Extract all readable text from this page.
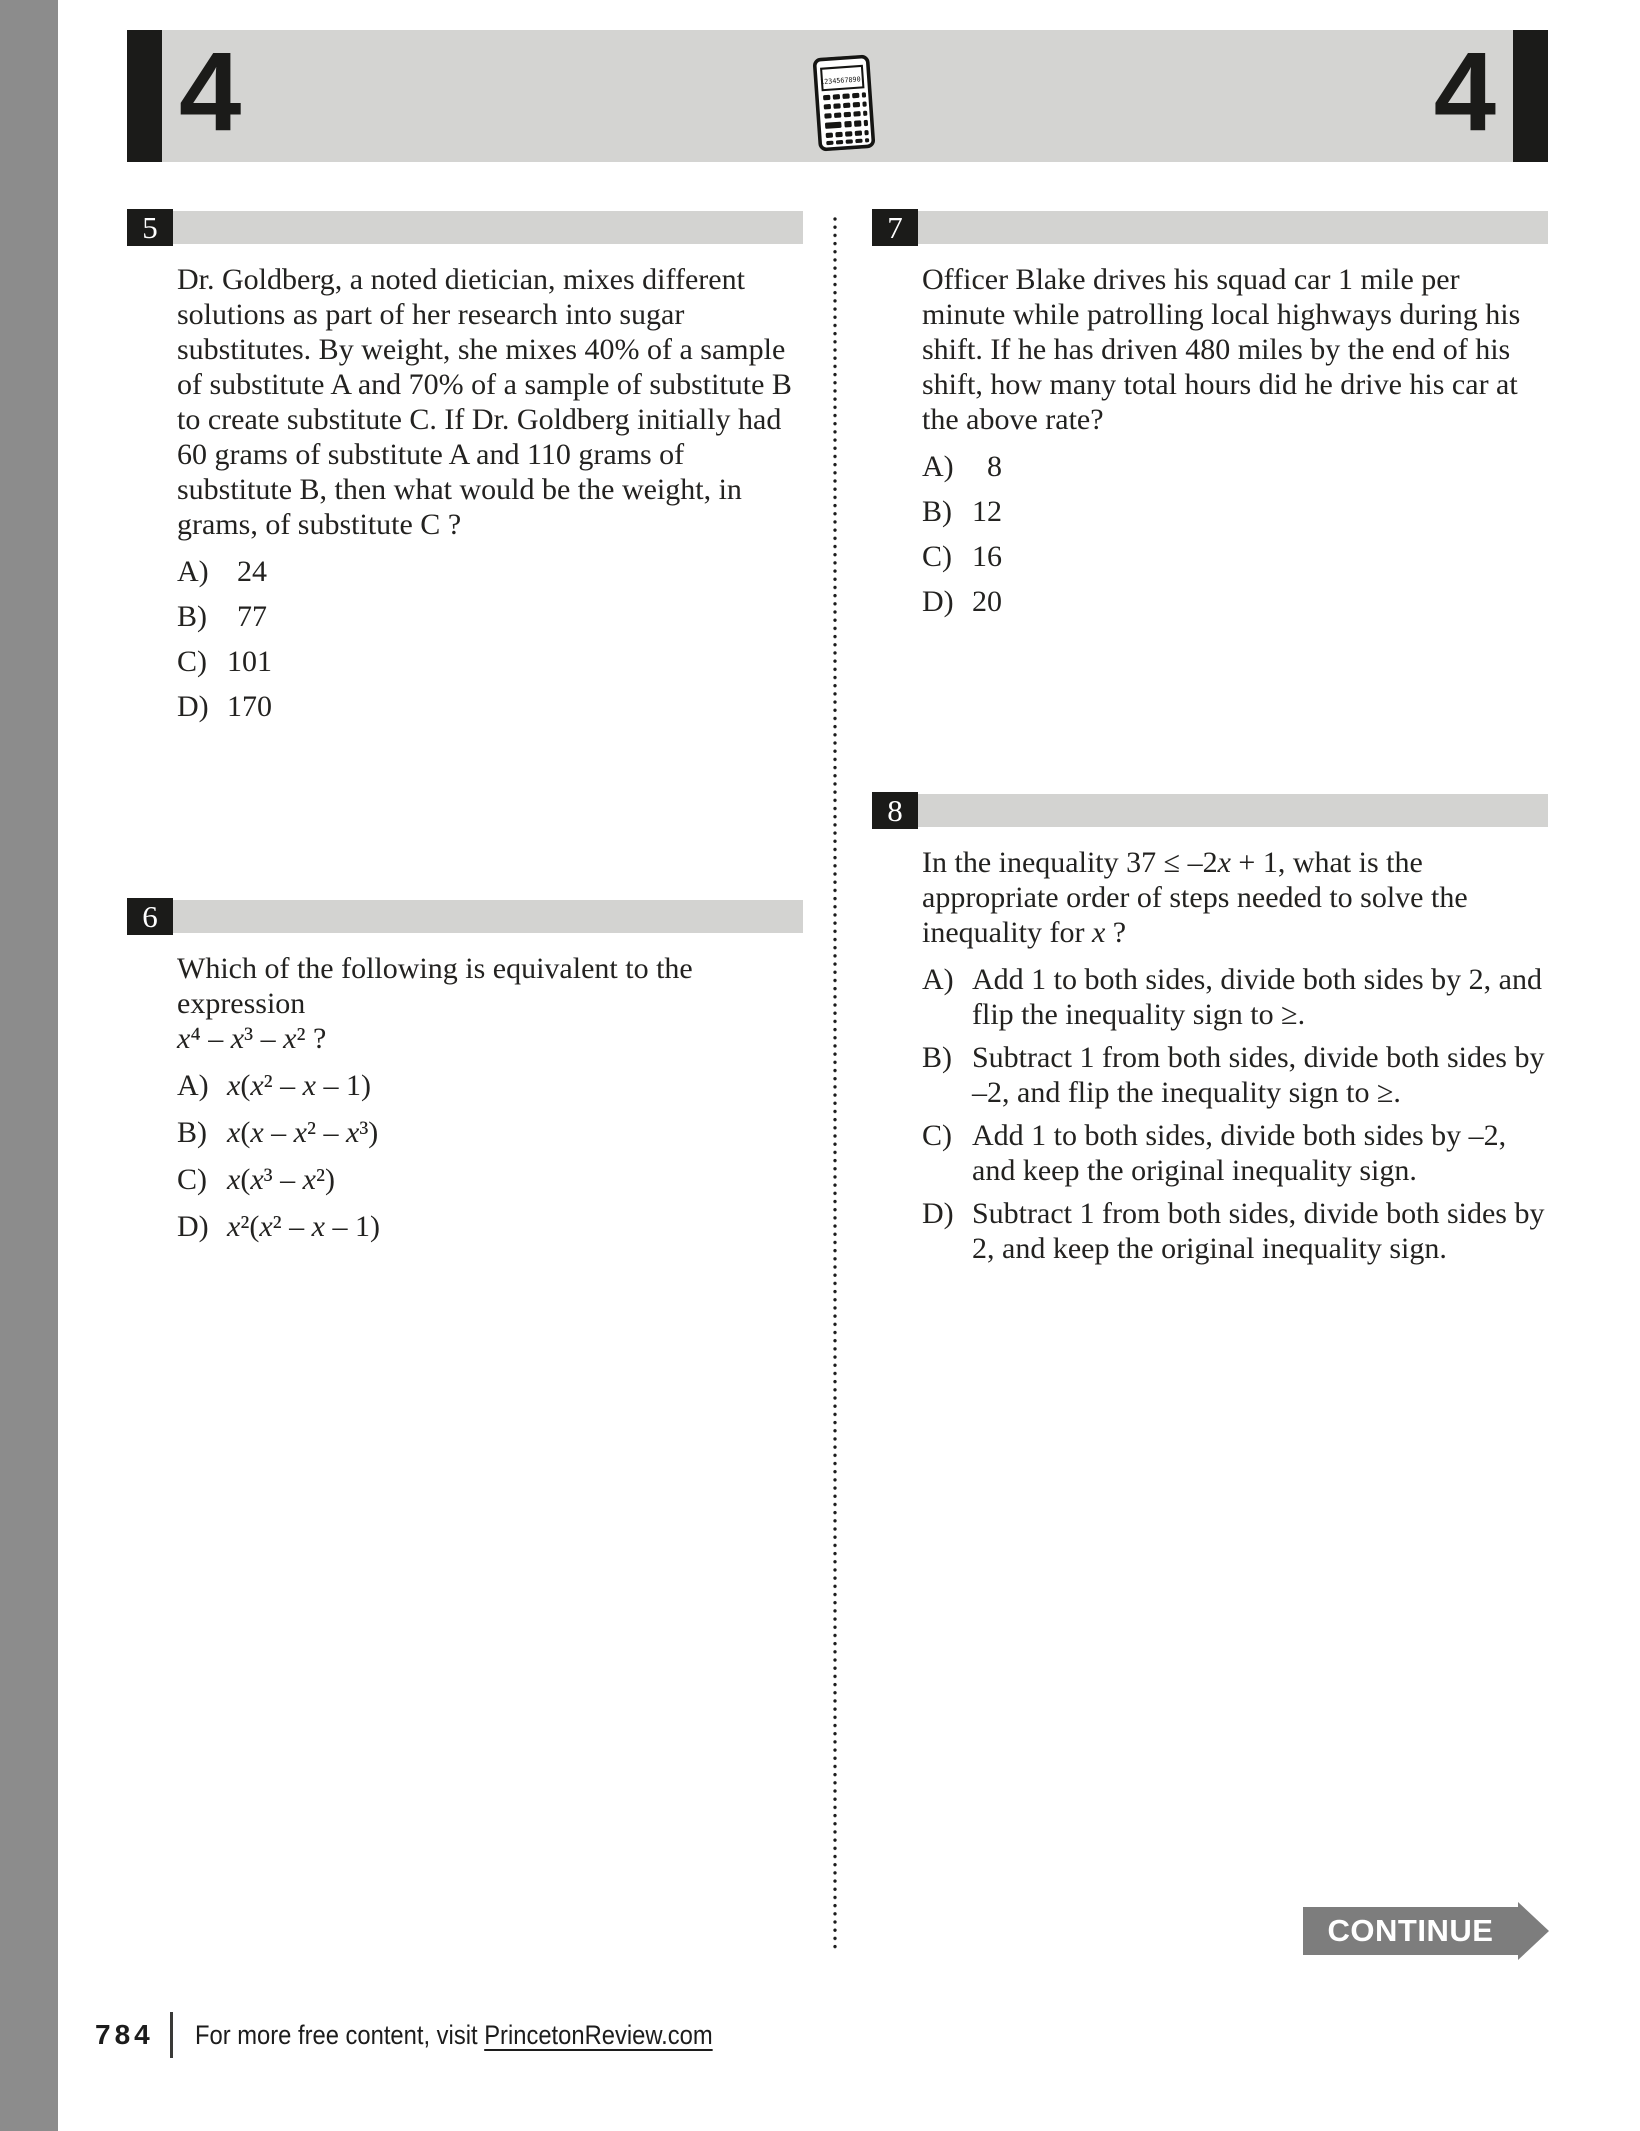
4	1234567890.	4
5

Dr. Goldberg, a noted dietician, mixes different solutions as part of her research into sugar substitutes. By weight, she mixes 40% of a sample of substitute A and 70% of a sample of substitute B to create substitute C. If Dr. Goldberg initially had 60 grams of substitute A and 110 grams of substitute B, then what would be the weight, in grams, of substitute C ?

A) 24
B)	77
C) 101
D) 170
6

Which of the following is equivalent to the expression

x⁴ – x³ – x² ?

A) x(x² – x – 1)
B) x(x – x² – x³)
C) x(x³ – x²)
D) x²(x² – x – 1)
7

Officer Blake drives his squad car 1 mile per minute while patrolling local highways during his shift. If he has driven 480 miles by the end of his shift, how many total hours did he drive his car at the above rate?

A)	8
B) 12
C) 16
D) 20
8

In the inequality 37 ≤ –2x + 1, what is the appropriate order of steps needed to solve the inequality for x ?

A) Add 1 to both sides, divide both sides by 2, and flip the inequality sign to ≥.
B) Subtract 1 from both sides, divide both sides by –2, and flip the inequality sign to ≥.
C) Add 1 to both sides, divide both sides by –2, and keep the original inequality sign.
D) Subtract 1 from both sides, divide both sides by 2, and keep the original inequality sign.
CONTINUE
784 For more free content, visit PrincetonReview.com
